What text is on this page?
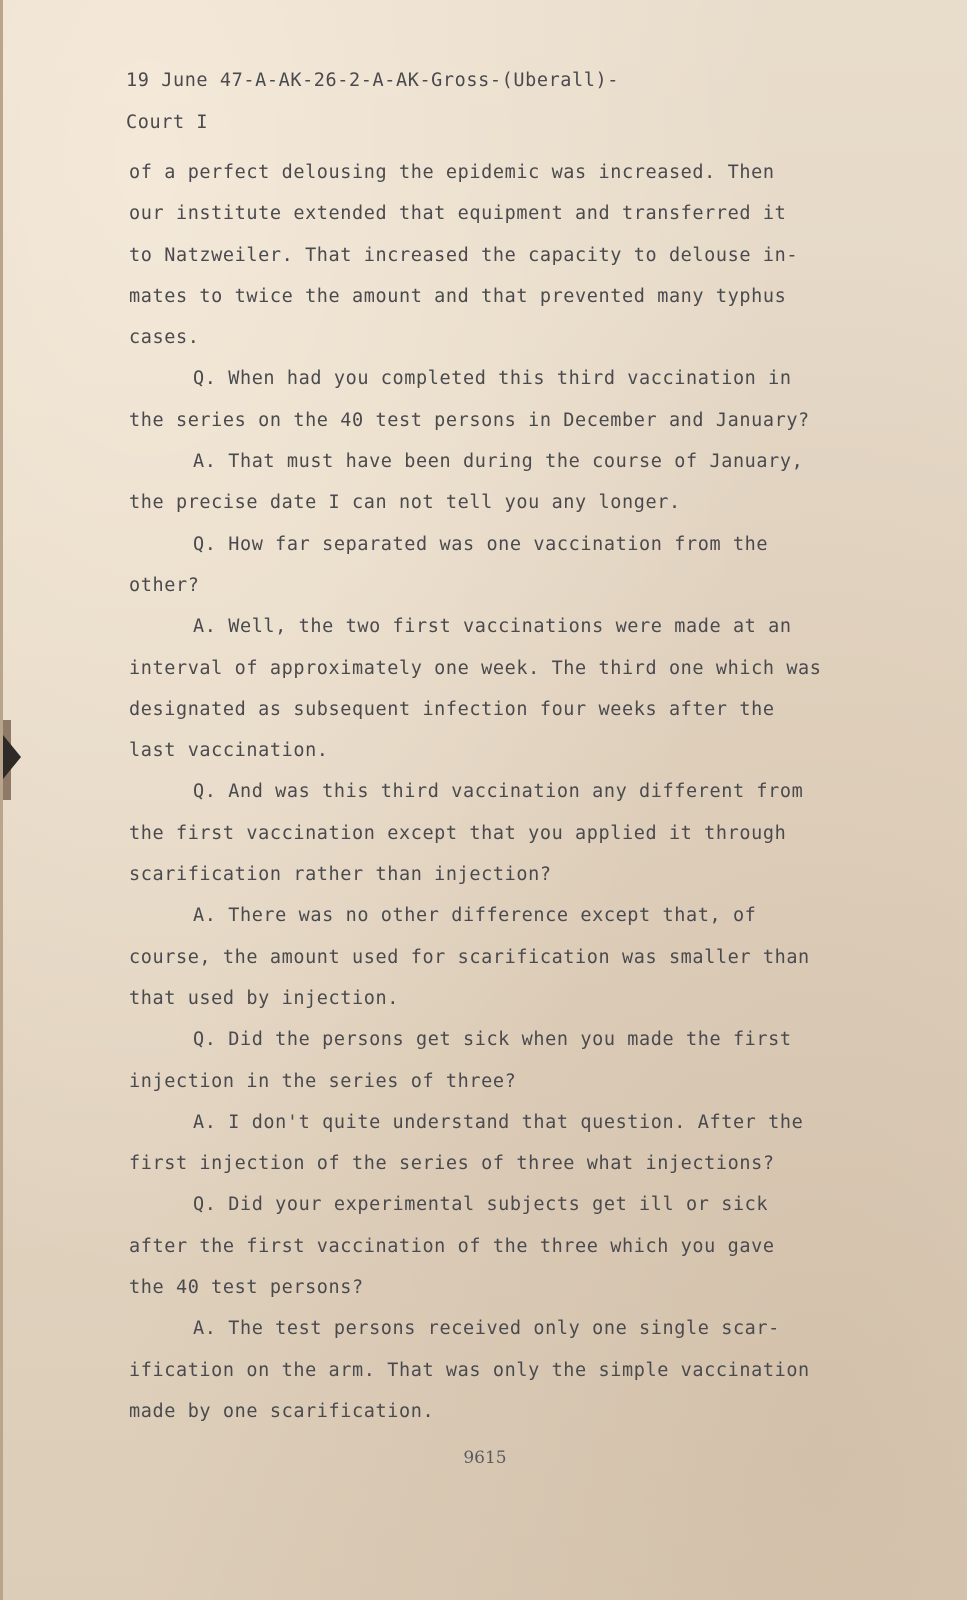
19 June 47-A-AK-26-2-A-AK-Gross-(Uberall)-
Court I
of a perfect delousing the epidemic was increased. Then
our institute extended that equipment and transferred it
to Natzweiler. That increased the capacity to delouse in-
mates to twice the amount and that prevented many typhus
cases.
Q. When had you completed this third vaccination in
the series on the 40 test persons in December and January?
A. That must have been during the course of January,
the precise date I can not tell you any longer.
Q. How far separated was one vaccination from the
other?
A. Well, the two first vaccinations were made at an
interval of approximately one week. The third one which was
designated as subsequent infection four weeks after the
last vaccination.
Q. And was this third vaccination any different from
the first vaccination except that you applied it through
scarification rather than injection?
A. There was no other difference except that, of
course, the amount used for scarification was smaller than
that used by injection.
Q. Did the persons get sick when you made the first
injection in the series of three?
A. I don't quite understand that question. After the
first injection of the series of three what injections?
Q. Did your experimental subjects get ill or sick
after the first vaccination of the three which you gave
the 40 test persons?
A. The test persons received only one single scar-
ification on the arm. That was only the simple vaccination
made by one scarification.
9615
